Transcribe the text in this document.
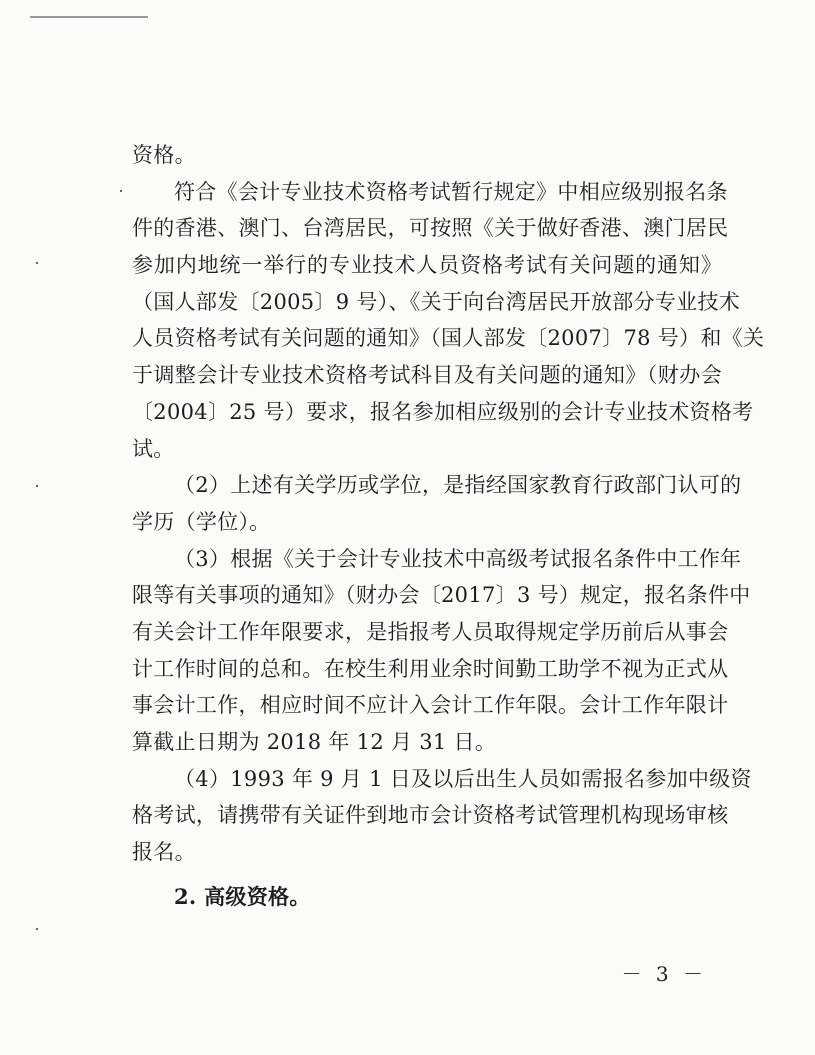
资格。
符合《会计专业技术资格考试暂行规定》中相应级别报名条
件的香港、澳门、台湾居民，可按照《关于做好香港、澳门居民
参加内地统一举行的专业技术人员资格考试有关问题的通知》
（国人部发〔2005〕9 号）、《关于向台湾居民开放部分专业技术
人员资格考试有关问题的通知》（国人部发〔2007〕78 号）和《关
于调整会计专业技术资格考试科目及有关问题的通知》（财办会
〔2004〕25 号）要求，报名参加相应级别的会计专业技术资格考
试。
（2）上述有关学历或学位，是指经国家教育行政部门认可的
学历（学位）。
（3）根据《关于会计专业技术中高级考试报名条件中工作年
限等有关事项的通知》（财办会〔2017〕3 号）规定，报名条件中
有关会计工作年限要求，是指报考人员取得规定学历前后从事会
计工作时间的总和。在校生利用业余时间勤工助学不视为正式从
事会计工作，相应时间不应计入会计工作年限。会计工作年限计
算截止日期为 2018 年 12 月 31 日。
（4）1993 年 9 月 1 日及以后出生人员如需报名参加中级资
格考试，请携带有关证件到地市会计资格考试管理机构现场审核
报名。
2. 高级资格。
－ 3 －
